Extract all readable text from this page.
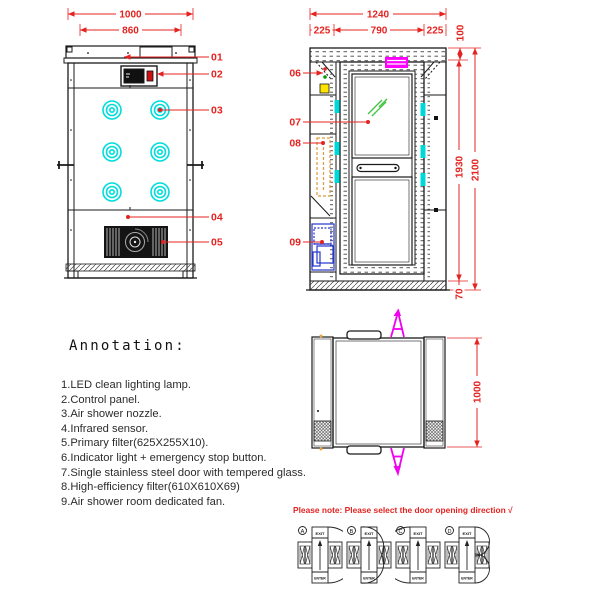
1000
860
01
02
03
04
05
1240
225	790	225 100
1930 2100
70
06
07
08
09
1000
Annotation:

1.LED clean lighting lamp.

2.Control panel.

3.Air shower nozzle.

4.Infrared sensor.

5.Primary filter(625X255X10).

6.Indicator light + emergency stop button.

7.Single stainless steel door with tempered glass.

8.High-efficiency filter(610X610X69)

9.Air shower room dedicated fan.

Please note: Please select the door opening direction √
A	EXIT
ENTER
B	EXIT
ENTER
C	EXIT
ENTER
D	EXIT
ENTER
